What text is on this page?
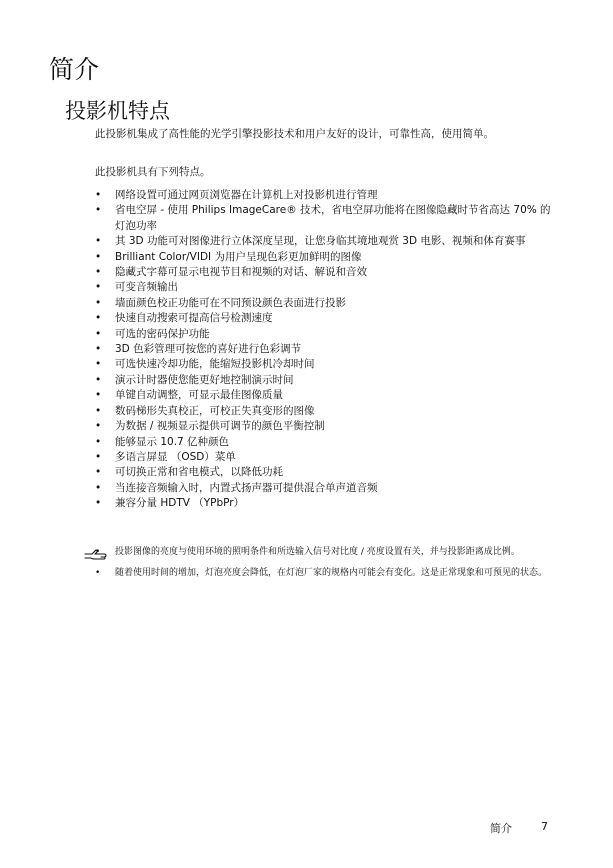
简介
投影机特点

此投影机集成了高性能的光学引擎投影技术和用户友好的设计，可靠性高，使用简单。

此投影机具有下列特点。

•	网络设置可通过网页浏览器在计算机上对投影机进行管理
•	省电空屏 - 使用 Philips ImageCare® 技术，省电空屏功能将在图像隐藏时节省高达 70% 的灯泡功率
•	其 3D 功能可对图像进行立体深度呈现，让您身临其境地观赏 3D 电影、视频和体育赛事
•	Brilliant Color/VIDI 为用户呈现色彩更加鲜明的图像
•	隐藏式字幕可显示电视节目和视频的对话、解说和音效
•	可变音频输出
•	墙面颜色校正功能可在不同预设颜色表面进行投影
•	快速自动搜索可提高信号检测速度
•	可选的密码保护功能
•	3D 色彩管理可按您的喜好进行色彩调节
•	可选快速冷却功能，能缩短投影机冷却时间
•	演示计时器使您能更好地控制演示时间
•	单键自动调整，可显示最佳图像质量
•	数码梯形失真校正，可校正失真变形的图像
•	为数据 / 视频显示提供可调节的颜色平衡控制
•	能够显示 10.7 亿种颜色
•	多语言屏显 （OSD）菜单
•	可切换正常和省电模式，以降低功耗
•	当连接音频输入时，内置式扬声器可提供混合单声道音频
•	兼容分量 HDTV （YPbPr）
• 投影图像的亮度与使用环境的照明条件和所选输入信号对比度 / 亮度设置有关，并与投影距离成比例。
• 随着使用时间的增加，灯泡亮度会降低，在灯泡厂家的规格内可能会有变化。这是正常现象和可预见的状态。
简介	7
